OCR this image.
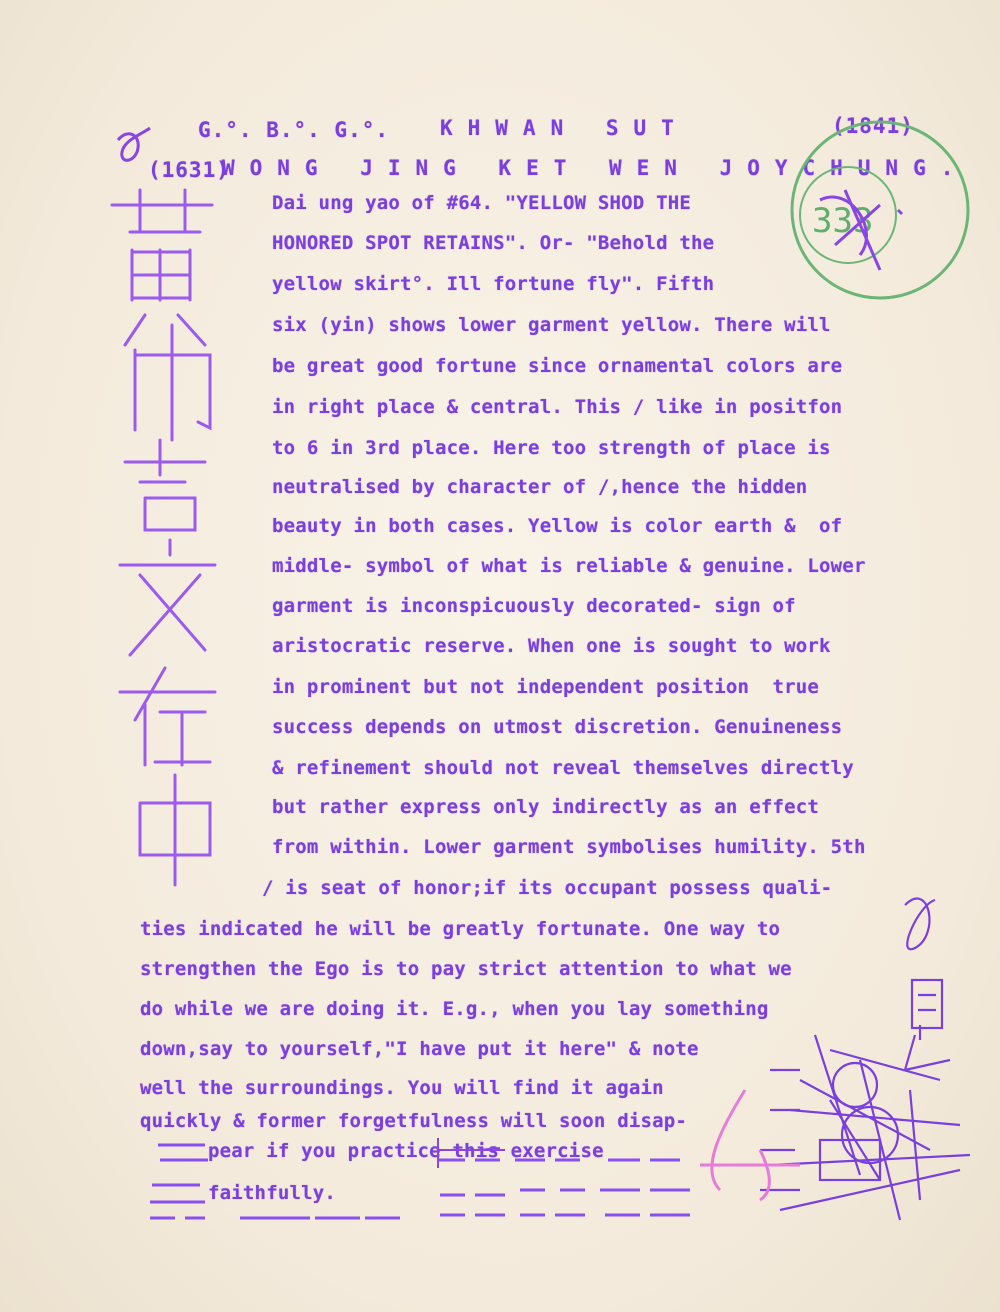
G.°. B.°. G.°. KHWAN SUT	(1841)
(1631)
WONG JING KET WEN JOYCHUNG.
Dai ung yao of #64. "YELLOW SHOD THE
HONORED SPOT RETAINS". Or- "Behold the
yellow skirt°. Ill fortune fly". Fifth
six (yin) shows lower garment yellow. There will
be great good fortune since ornamental colors are
in right place & central. This / like in positfon
to 6 in 3rd place. Here too strength of place is
neutralised by character of /,hence the hidden
beauty in both cases. Yellow is color earth &  of
middle- symbol of what is reliable & genuine. Lower
garment is inconspicuously decorated- sign of
aristocratic reserve. When one is sought to work
in prominent but not independent position  true
success depends on utmost discretion. Genuineness
& refinement should not reveal themselves directly
but rather express only indirectly as an effect
from within. Lower garment symbolises humility. 5th
/ is seat of honor;if its occupant possess quali-
ties indicated he will be greatly fortunate. One way to
strengthen the Ego is to pay strict attention to what we
do while we are doing it. E.g., when you lay something
down,say to yourself,"I have put it here" & note
well the surroundings. You will find it again
quickly & former forgetfulness will soon disap-
pear if you practice this exercise
faithfully.
333
